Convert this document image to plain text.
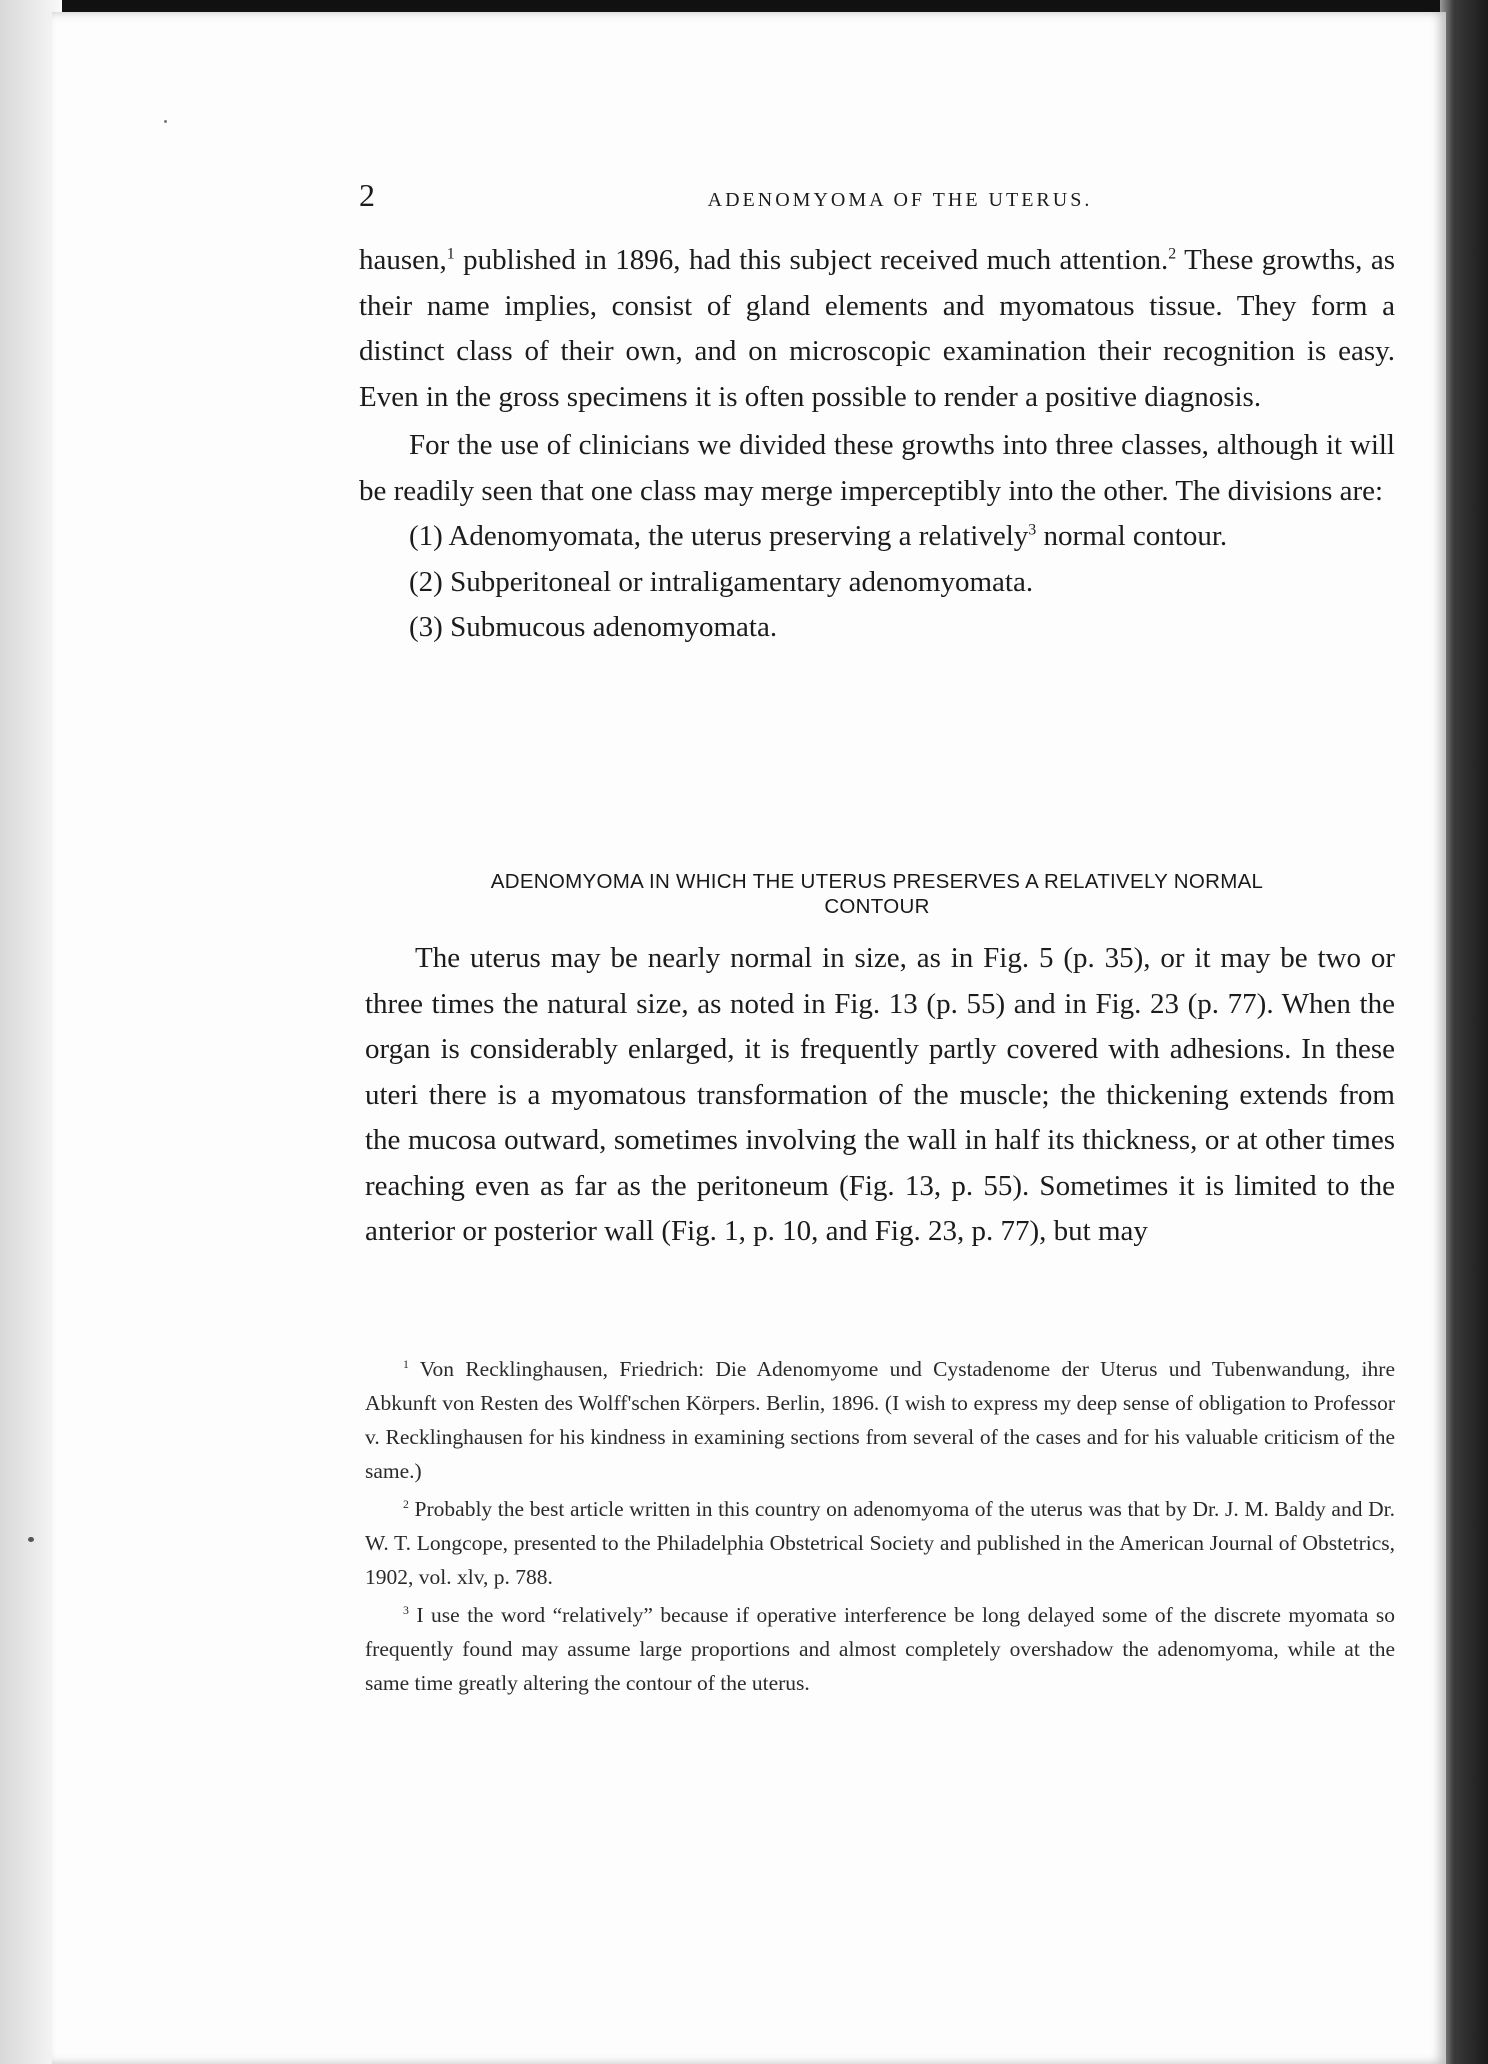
2	ADENOMYOMA OF THE UTERUS.

hausen,$^1$ published in 1896, had this subject received much attention.$^2$ These growths, as their name implies, consist of gland elements and myomatous tissue. They form a distinct class of their own, and on microscopic examination their recognition is easy. Even in the gross specimens it is often possible to render a positive diagnosis.

For the use of clinicians we divided these growths into three classes, although it will be readily seen that one class may merge imperceptibly into the other. The divisions are:

(1) Adenomyomata, the uterus preserving a relatively$^3$ normal contour.

(2) Subperitoneal or intraligamentary adenomyomata.

(3) Submucous adenomyomata.

ADENOMYOMA IN WHICH THE UTERUS PRESERVES A RELATIVELY NORMAL
CONTOUR

The uterus may be nearly normal in size, as in Fig. 5 (p. 35), or it may be two or three times the natural size, as noted in Fig. 13 (p. 55) and in Fig. 23 (p. 77). When the organ is considerably enlarged, it is frequently partly covered with adhesions. In these uteri there is a myomatous transformation of the muscle; the thickening extends from the mucosa outward, sometimes involving the wall in half its thickness, or at other times reaching even as far as the peritoneum (Fig. 13, p. 55). Sometimes it is limited to the anterior or posterior wall (Fig. 1, p. 10, and Fig. 23, p. 77), but may

$^1$ Von Recklinghausen, Friedrich: Die Adenomyome und Cystadenome der Uterus und Tubenwandung, ihre Abkunft von Resten des Wolff'schen Körpers. Berlin, 1896. (I wish to express my deep sense of obligation to Professor v. Recklinghausen for his kindness in examining sections from several of the cases and for his valuable criticism of the same.)

$^2$ Probably the best article written in this country on adenomyoma of the uterus was that by Dr. J. M. Baldy and Dr. W. T. Longcope, presented to the Philadelphia Obstetrical Society and published in the American Journal of Obstetrics, 1902, vol. xlv, p. 788.

$^3$ I use the word “relatively” because if operative interference be long delayed some of the discrete myomata so frequently found may assume large proportions and almost completely overshadow the adenomyoma, while at the same time greatly altering the contour of the uterus.
